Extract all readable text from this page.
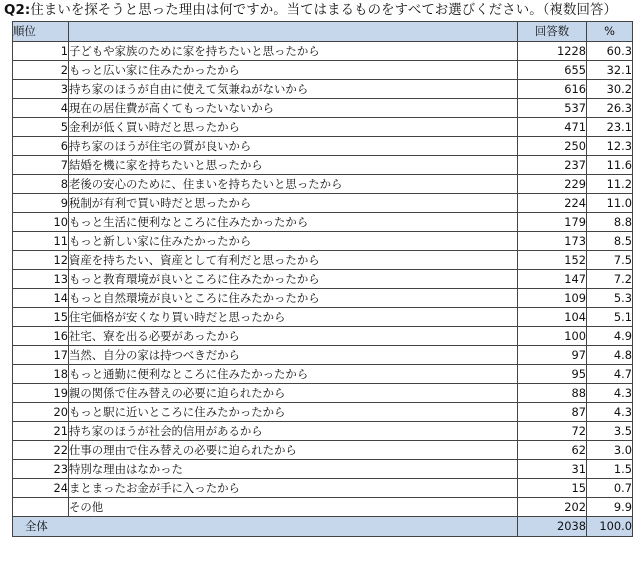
Q2:住まいを探そうと思った理由は何ですか。当てはまるものをすべてお選びください。（複数回答）
順位		回答数	%
1	子どもや家族のために家を持ちたいと思ったから	1228	60.3
2	もっと広い家に住みたかったから	655	32.1
3	持ち家のほうが自由に使えて気兼ねがないから	616	30.2
4	現在の居住費が高くてもったいないから	537	26.3
5	金利が低く買い時だと思ったから	471	23.1
6	持ち家のほうが住宅の質が良いから	250	12.3
7	結婚を機に家を持ちたいと思ったから	237	11.6
8	老後の安心のために、住まいを持ちたいと思ったから	229	11.2
9	税制が有利で買い時だと思ったから	224	11.0
10	もっと生活に便利なところに住みたかったから	179	8.8
11	もっと新しい家に住みたかったから	173	8.5
12	資産を持ちたい、資産として有利だと思ったから	152	7.5
13	もっと教育環境が良いところに住みたかったから	147	7.2
14	もっと自然環境が良いところに住みたかったから	109	5.3
15	住宅価格が安くなり買い時だと思ったから	104	5.1
16	社宅、寮を出る必要があったから	100	4.9
17	当然、自分の家は持つべきだから	97	4.8
18	もっと通勤に便利なところに住みたかったから	95	4.7
19	親の関係で住み替えの必要に迫られたから	88	4.3
20	もっと駅に近いところに住みたかったから	87	4.3
21	持ち家のほうが社会的信用があるから	72	3.5
22	仕事の理由で住み替えの必要に迫られたから	62	3.0
23	特別な理由はなかった	31	1.5
24	まとまったお金が手に入ったから	15	0.7
	その他	202	9.9
全体		2038	100.0
